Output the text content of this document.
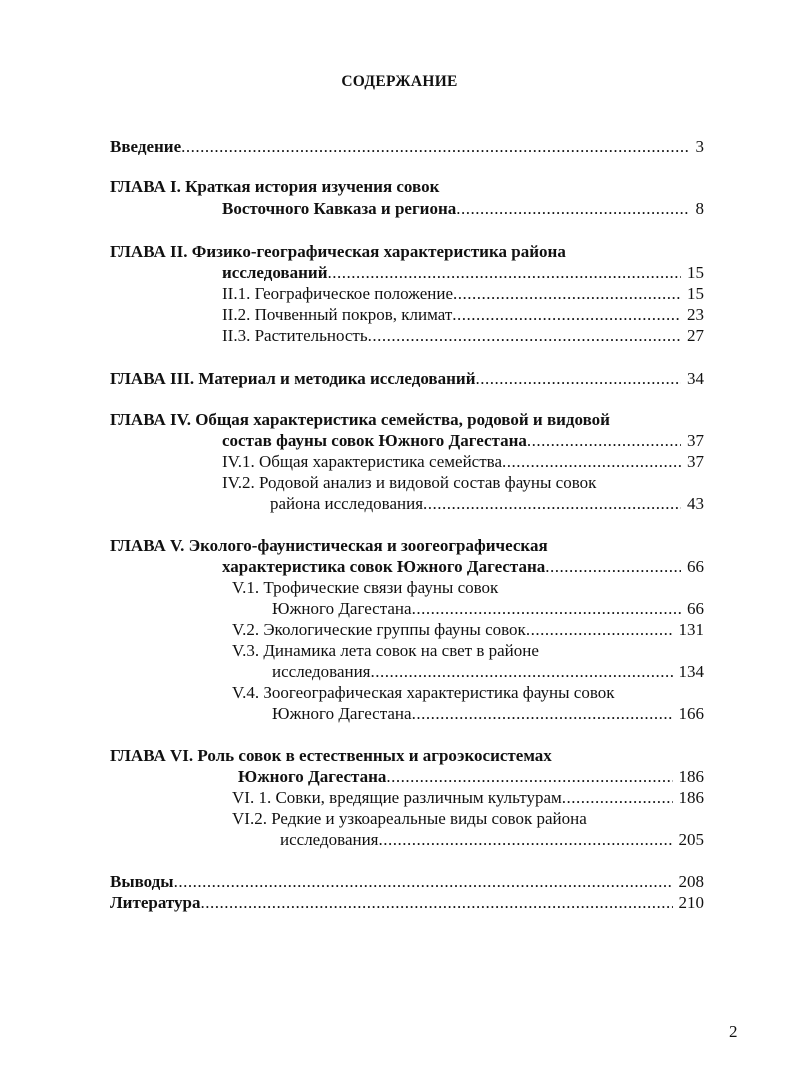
СОДЕРЖАНИЕ
Введение .....	3
ГЛАВА I. Краткая история изучения совок
Восточного Кавказа и региона .....	8
ГЛАВА II. Физико-географическая характеристика района
исследований .....	15
II.1. Географическое положение .....	15
II.2. Почвенный покров, климат .....	23
II.3. Растительность .....	27
ГЛАВА III. Материал и методика исследований .....	34
ГЛАВА IV. Общая характеристика семейства, родовой и видовой
состав фауны совок Южного Дагестана .....	37
IV.1. Общая характеристика семейства .....	37
IV.2. Родовой анализ и видовой состав фауны совок
района исследования .....	43
ГЛАВА V. Эколого-фаунистическая и зоогеографическая
характеристика совок Южного Дагестана .....	66
V.1. Трофические связи фауны совок
Южного Дагестана .....	66
V.2. Экологические группы фауны совок .....	131
V.3. Динамика лета совок на свет в районе
исследования .....	134
V.4. Зоогеографическая характеристика фауны совок
Южного Дагестана .....	166
ГЛАВА VI. Роль совок в естественных и агроэкосистемах
Южного Дагестана .....	186
VI. 1. Совки, вредящие различным культурам .....	186
VI.2. Редкие и узкоареальные виды совок района
исследования .....	205
Выводы .....	208
Литература .....	210
2
